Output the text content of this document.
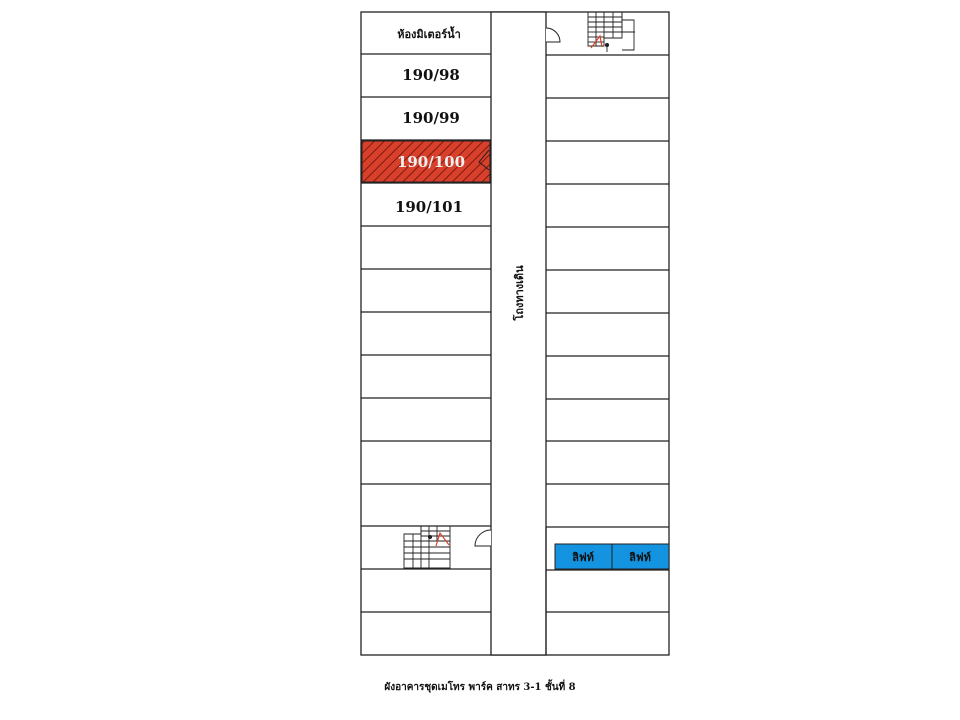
ห้องมิเตอร์น้ำ
190/98
190/99
190/100
190/101
โถงทางเดิน
ลิฟท์	ลิฟท์
ผังอาคารชุดเมโทร พาร์ค สาทร 3-1 ชั้นที่ 8
